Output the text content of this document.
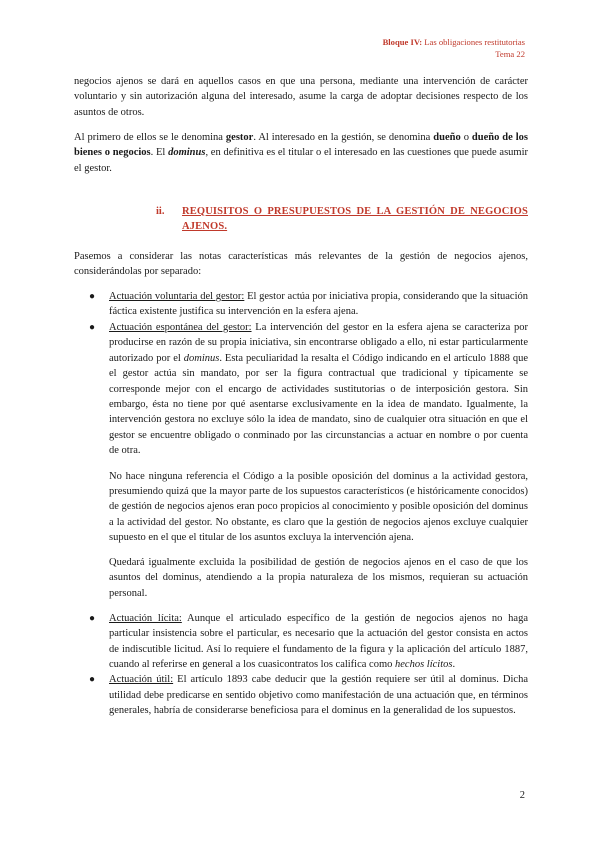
Bloque IV: Las obligaciones restitutorias
Tema 22

negocios ajenos se dará en aquellos casos en que una persona, mediante una intervención de carácter voluntario y sin autorización alguna del interesado, asume la carga de adoptar decisiones respecto de los asuntos de otros.

Al primero de ellos se le denomina gestor. Al interesado en la gestión, se denomina dueño o dueño de los bienes o negocios. El dominus, en definitiva es el titular o el interesado en las cuestiones que puede asumir el gestor.

ii.	REQUISITOS O PRESUPUESTOS DE LA GESTIÓN DE NEGOCIOS AJENOS.

Pasemos a considerar las notas características más relevantes de la gestión de negocios ajenos, considerándolas por separado:

● Actuación voluntaria del gestor: El gestor actúa por iniciativa propia, considerando que la situación fáctica existente justifica su intervención en la esfera ajena.
● Actuación espontánea del gestor: La intervención del gestor en la esfera ajena se caracteriza por producirse en razón de su propia iniciativa, sin encontrarse obligado a ello, ni estar particularmente autorizado por el dominus. Esta peculiaridad la resalta el Código indicando en el artículo 1888 que el gestor actúa sin mandato, por ser la figura contractual que tradicional y típicamente se corresponde mejor con el encargo de actividades sustitutorias o de interposición gestora. Sin embargo, ésta no tiene por qué asentarse exclusivamente en la idea de mandato. Igualmente, la intervención gestora no excluye sólo la idea de mandato, sino de cualquier otra situación en que el gestor se encuentre obligado o conminado por las circunstancias a actuar en nombre o por cuenta de otra.

No hace ninguna referencia el Código a la posible oposición del dominus a la actividad gestora, presumiendo quizá que la mayor parte de los supuestos característicos (e históricamente conocidos) de gestión de negocios ajenos eran poco propicios al conocimiento y posible oposición del dominus a la actividad del gestor. No obstante, es claro que la gestión de negocios ajenos excluye cualquier supuesto en el que el titular de los asuntos excluya la intervención ajena.

Quedará igualmente excluida la posibilidad de gestión de negocios ajenos en el caso de que los asuntos del dominus, atendiendo a la propia naturaleza de los mismos, requieran su actuación personal.

● Actuación lícita: Aunque el articulado específico de la gestión de negocios ajenos no haga particular insistencia sobre el particular, es necesario que la actuación del gestor consista en actos de indiscutible licitud. Así lo requiere el fundamento de la figura y la aplicación del artículo 1887, cuando al referirse en general a los cuasicontratos los califica como hechos lícitos.
● Actuación útil: El artículo 1893 cabe deducir que la gestión requiere ser útil al dominus. Dicha utilidad debe predicarse en sentido objetivo como manifestación de una actuación que, en términos generales, habría de considerarse beneficiosa para el dominus en la generalidad de los supuestos.
2
